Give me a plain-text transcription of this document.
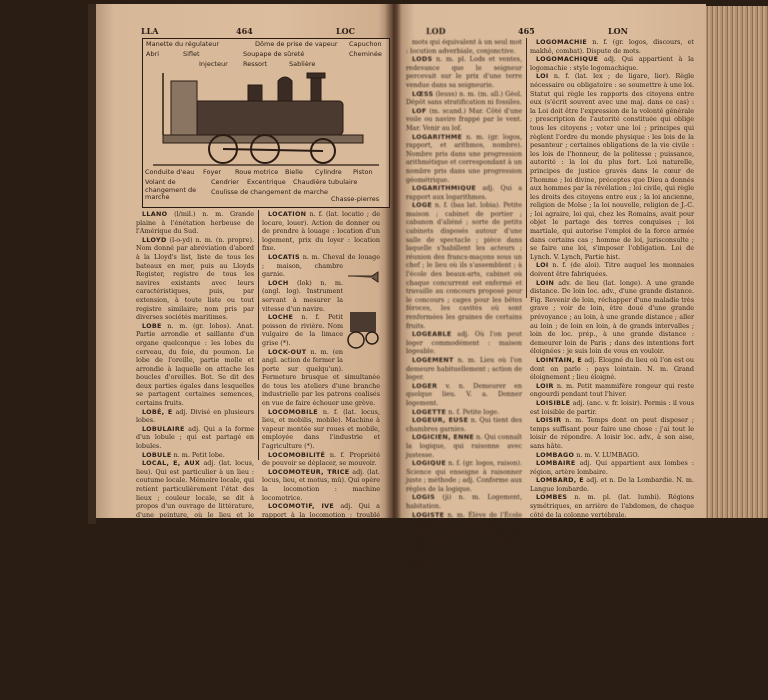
LLA	464	LOC
Manette du régulateur
Siflet
Abri
Injecteur Ressort
Soupape de sûreté
Dôme de prise de vapeur
Sablière
Capuchon
Cheminée
Conduite d'eau
Volant de changement de marche
Foyer
Cendrier Excentrique
Roue motrice
Coulisse de changement de marche
Bielle
Chaudière tubulaire
Cylindre Piston
Chasse-pierres

LLANO (l/mil.) n. m. Grande plaine à l'énétation herbeuse de l'Amérique du Sud.

LLOYD (l-o-yd) n. m. (n. propre). Nom donné par abréviation d'abord à la Lloyd's list, liste de tous les bateaux en mer, puis au Lloyds Register, registre de tous les navires existants avec leurs caractéristiques, puis, par extension, à toute liste ou tout registre similaire; nom pris par diverses sociétés maritimes.

LOBE n. m. (gr. lobos). Anat. Partie arrondie et saillante d'un organe quelconque : les lobes du cerveau, du foie, du poumon. Le lobe de l'oreille, partie molle et arrondie à laquelle on attache les boucles d'oreilles. Bot. Se dit des deux parties égales dans lesquelles se partagent certaines semences, certains fruits.

LOBÉ, E adj. Divisé en plusieurs lobes.

LOBULAIRE adj. Qui a la forme d'un lobule ; qui est partagé en lobules.

LOBULE n. m. Petit lobe.

LOCAL, E, AUX adj. (lat. locus, lieu). Qui est particulier à un lieu : coutume locale. Mémoire locale, qui retient particulièrement l'état des lieux ; couleur locale, se dit à propos d'un ouvrage de littérature, d'une peinture, où le lieu et le temps de l'action sont fidèlement représentés avec leurs usages, leur langage, etc. N. m. Lieu, emplacement, chambre.

LOCALEMENT adv. D'une manière locale : appliquer un remède localement.

LOCALISATION n. f. Action de localiser : la localisation des facultés.

LOCALISER v. a. Rendre local.

LOCALITÉ n. f. Lieu quelconque, eu égard à ce qu'il peut avoir de particulier.

LOCATAIRE n. Qui prend à loyer une terre, une maison, un appartement.

LOCATIF, IVE adj. Qui concerne le locataire ; réparations locatives, celles qui sont à la charge du locataire.

LOCATION n. f. (lat. locatio ; de locare, louer). Action de donner ou de prendre à louage : location d'un logement, prix du loyer : location fixe.

LOCATIS n. m. Cheval de louage ; maison, chambre garnie.

LOCH (lok) n. m. (angl. log). Instrument servant à mesurer la vitesse d'un navire.

LOCHE n. f. Petit poisson de rivière. Nom vulgaire de la limace grise (*).

LOCK-OUT n. m. (en angl. action de fermer la porte sur quelqu'un). Fermeture brusque et simultanée de tous les ateliers d'une branche industrielle par les patrons coalisés en vue de faire échouer une grève.

LOCOMOBILE n. f. (lat. locus, lieu, et mobilis, mobile). Machine à vapeur montée sur roues et mobile, employée dans l'industrie et l'agriculture (*).

LOCOMOBILITÉ n. f. Propriété de pouvoir se déplacer, se mouvoir.

LOCOMOTEUR, TRICE adj. (lat. locus, lieu, et motus, mû). Qui opère la locomotion : machine locomotrice.

LOCOMOTIF, IVE adj. Qui a rapport à la locomotion : troublé locomotif.

LOCOMOTION n. f. Action de se transporter d'un lieu dans un autre.

LOCOMOTIVE n. f. Machine à vapeur montée sur roues, et qui est destinée à remorquer sur un chemin de fer un convoi de voitures appelées wagons (*).

LOCULAIRE adj. Bot. Partagé en loges : renfermé dans des alvéoles.

LOCUTION n. f. (lat. locutio). Façon de parler : locution vicieuse.

LOD	465	LON

mots qui équivalent à un seul mot : locution adverbiale, conjonctive.

LODS n. m. pl. Lods et ventes, redevance que le seigneur percevait sur le prix d'une terre vendue dans sa seigneurie.

LŒSS (leuss) n. m. (m. all.) Géol. Dépôt sans stratification ni fossiles.

LOF (m. scand.) Mar. Côté d'une voile ou navire frappé par le vent. Mar. Venir au lof.

LOGARITHME n. m. (gr. logos, rapport, et arithmos, nombre). Nombre pris dans une progression arithmétique et correspondant à un nombre pris dans une progression géométrique.

LOGARITHMIQUE adj. Qui a rapport aux logarithmes.

LOGE n. f. (bas lat. lobia). Petite maison ; cabinet de portier ; cabanon d'aliéné ; sorte de petits cabinets disposés autour d'une salle de spectacle ; pièce dans laquelle s'habillent les acteurs ; réunion des francs-maçons sous un chef ; le lieu où ils s'assemblent ; à l'école des beaux-arts, cabinet où chaque concurrent est enfermé et travaille au concours proposé pour le concours ; cages pour les bêtes féroces, les cavités où sont renfermées les graines de certains fruits.

LOGEABLE adj. Où l'on peut loger commodément : maison logeable.

LOGEMENT n. m. Lieu où l'on demeure habituellement ; action de loger.

LOGER v. n. Demeurer en quelque lieu. V. a. Donner logement.

LOGETTE n. f. Petite loge.

LOGEUR, EUSE n. Qui tient des chambres garnies.

LOGICIEN, ENNE n. Qui connaît la logique, qui raisonne avec justesse.

LOGIQUE n. f. (gr. logos, raison). Science qui enseigne à raisonner juste ; méthode ; adj. Conforme aux règles de la logique.

LOGIS (ji) n. m. Logement, habitation.

LOGISTE n. m. Élève de l'École des beaux-arts, admis en loge.

LOGOGRAPHE n. m. Chez les Grecs, historien des premiers temps.

LOGOGRIPHE n. m. Sorte d'énigme.

LOGOMACHIE n. f. (gr. logos, discours, et makhê, combat). Dispute de mots.

LOGOMACHIQUE adj. Qui appartient à la logomachie : style logomachique.

LOI n. f. (lat. lex ; de ligare, lier). Règle nécessaire ou obligatoire : se soumettre à une loi. Statut qui règle les rapports des citoyens entre eux (s'écrit souvent avec une maj. dans ce cas) : la Loi doit être l'expression de la volonté générale ; prescription de l'autorité constituée qui oblige tous les citoyens ; voter une loi ; principes qui règlent l'ordre du monde physique : les lois de la pesanteur ; certaines obligations de la vie civile : les lois de l'honneur, de la politesse ; puissance, autorité : la loi du plus fort. Loi naturelle, principes de justice gravés dans le cœur de l'homme ; loi divine, préceptes que Dieu a donnés aux hommes par la révélation ; loi civile, qui règle les droits des citoyens entre eux ; la loi ancienne, religion de Moïse ; la loi nouvelle, religion de J.-C. ; loi agraire, loi qui, chez les Romains, avait pour objet le partage des terres conquises ; loi martiale, qui autorise l'emploi de la force armée dans certains cas ; homme de loi, jurisconsulte ; se faire une loi, s'imposer l'obligation. Loi de Lynch. V. Lynch, Partie hist.

LOI n. f. (de aloi). Titre auquel les monnaies doivent être fabriquées.

LOIN adv. de lieu (lat. longe). A une grande distance. De loin loc. adv., d'une grande distance. Fig. Revenir de loin, réchapper d'une maladie très grave ; voir de loin, être doué d'une grande prévoyance ; au loin, à une grande distance ; aller au loin ; de loin en loin, à de grands intervalles ; loin de loc. prép., à une grande distance : demeurer loin de Paris ; dans des intentions fort éloignées : je suis loin de vous en vouloir.

LOINTAIN, E adj. Éloigné du lieu où l'on est ou dont on parle : pays lointain. N. m. Grand éloignement ; lieu éloigné.

LOIR n. m. Petit mammifère rongeur qui reste engourdi pendant tout l'hiver.

LOISIBLE adj. (anc. v. fr. loisir). Permis : il vous est loisible de partir.

LOISIR n. m. Temps dont on peut disposer ; temps suffisant pour faire une chose : j'ai tout le loisir de répondre. A loisir loc. adv., à son aise, sans hâte.

LOMBAGO n. m. V. LUMBAGO.

LOMBAIRE adj. Qui appartient aux lombes : région, artère lombaire.

LOMBARD, E adj. et n. De la Lombardie. N. m. Langue lombarde.

LOMBES n. m. pl. (lat. lumbi). Régions symétriques, en arrière de l'abdomen, de chaque côté de la colonne vertébrale.

LOMBRIC (brik) n. m. Genre d'annélides appelés communément vers de terre.

LONDONIEN, ENNE adj. et n. (de London, n. angl. de Londres). De Londres.

LONG, LONGUE adj. (lat. longus). Étendu en longueur ; qui dure longtemps : long voyage ; qui renferme des longueurs : discours long ; lent, tardif : que vous êtes
